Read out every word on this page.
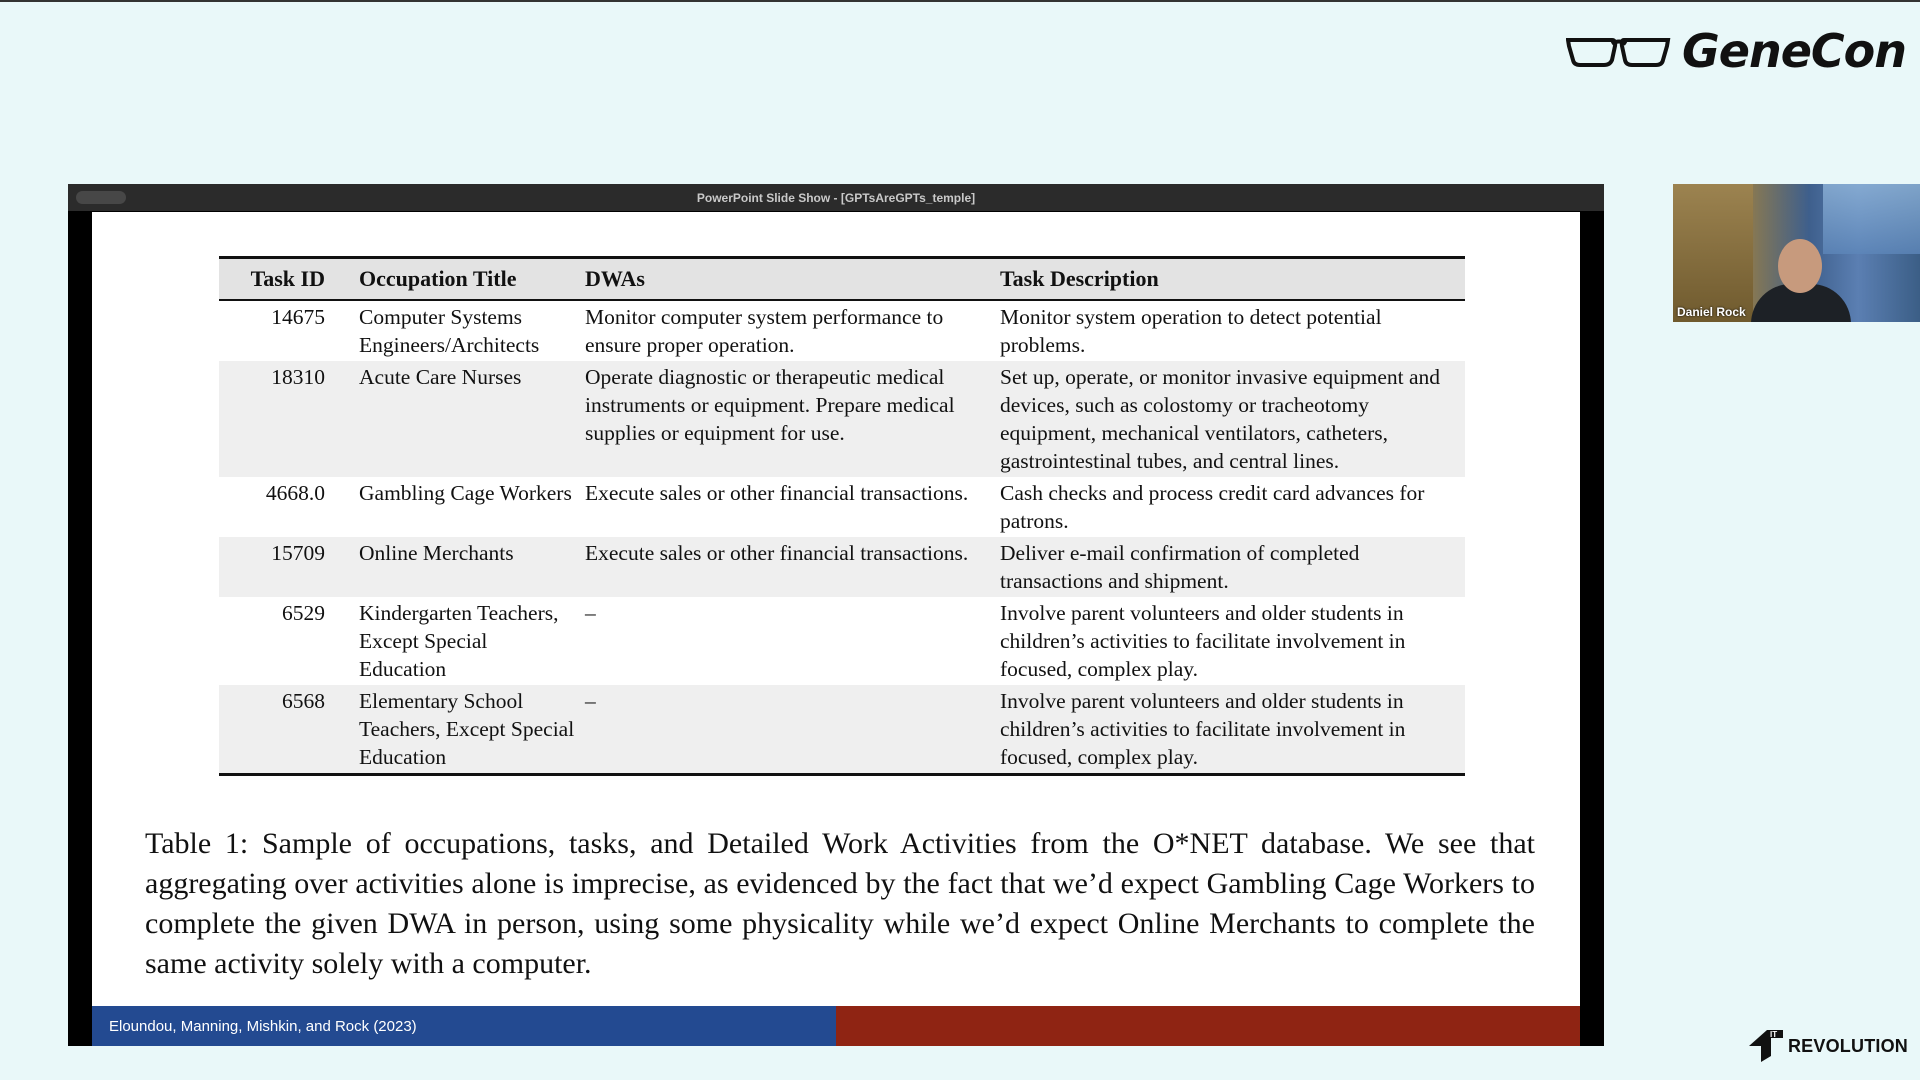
GeneCon
PowerPoint Slide Show - [GPTsAreGPTs_temple]
Task ID	Occupation Title	DWAs	Task Description
14675	Computer Systems Engineers/Architects	Monitor computer system performance to ensure proper operation.	Monitor system operation to detect potential problems.
18310	Acute Care Nurses	Operate diagnostic or therapeutic medical instruments or equipment. Prepare medical supplies or equipment for use.	Set up, operate, or monitor invasive equipment and devices, such as colostomy or tracheotomy equipment, mechanical ventilators, catheters, gastrointestinal tubes, and central lines.
4668.0	Gambling Cage Workers	Execute sales or other financial transactions.	Cash checks and process credit card advances for patrons.
15709	Online Merchants	Execute sales or other financial transactions.	Deliver e-mail confirmation of completed transactions and shipment.
6529	Kindergarten Teachers, Except Special Education	–	Involve parent volunteers and older students in children’s activities to facilitate involvement in focused, complex play.
6568	Elementary School Teachers, Except Special Education	–	Involve parent volunteers and older students in children’s activities to facilitate involvement in focused, complex play.

Table 1: Sample of occupations, tasks, and Detailed Work Activities from the O*NET database. We see that aggregating over activities alone is imprecise, as evidenced by the fact that we’d expect Gambling Cage Workers to complete the given DWA in person, using some physicality while we’d expect Online Merchants to complete the same activity solely with a computer.

Eloundou, Manning, Mishkin, and Rock (2023)
Daniel Rock
IT
REVOLUTION
